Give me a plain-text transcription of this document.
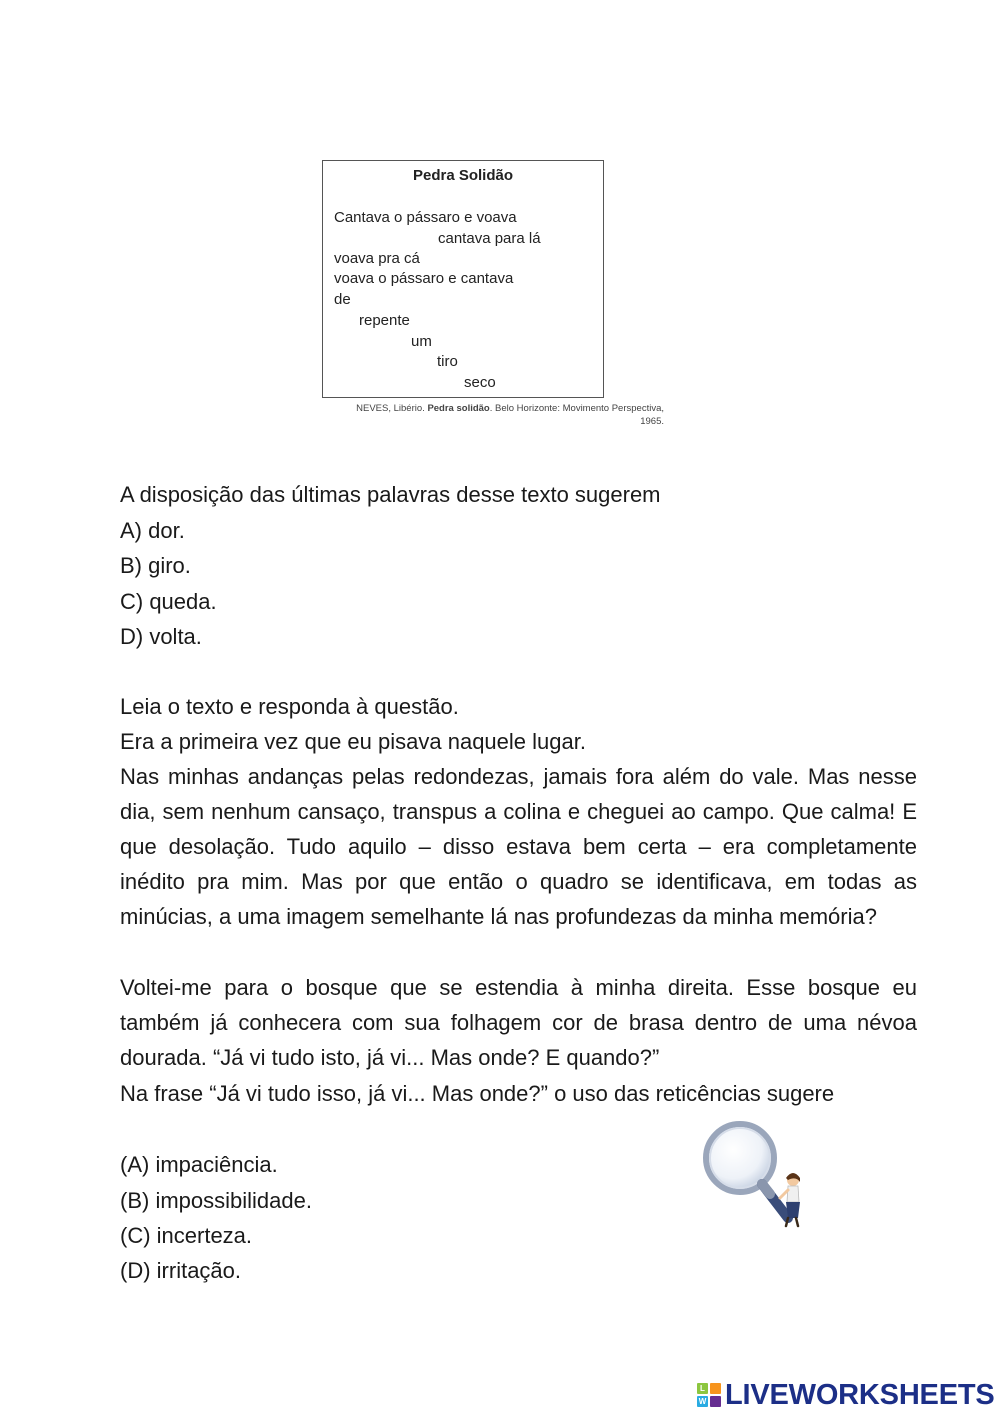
Pedra Solidão
Cantava o pássaro e voava
cantava para lá
voava pra cá
voava o pássaro e cantava
de
repente
um
tiro
seco
NEVES, Libério. Pedra solidão. Belo Horizonte: Movimento Perspectiva,
1965.
A disposição das últimas palavras desse texto sugerem
A) dor.
B) giro.
C) queda.
D) volta.
Leia o texto e responda à questão.
Era a primeira vez que eu pisava naquele lugar.
Nas minhas andanças pelas redondezas, jamais fora além do vale. Mas nesse dia, sem nenhum cansaço, transpus a colina e cheguei ao campo. Que calma! E que desolação. Tudo aquilo – disso estava bem certa – era completamente inédito pra mim. Mas por que então o quadro se identificava, em todas as minúcias, a uma imagem semelhante lá nas profundezas da minha memória?
Voltei-me para o bosque que se estendia à minha direita. Esse bosque eu também já conhecera com sua folhagem cor de brasa dentro de uma névoa dourada. “Já vi tudo isto, já vi... Mas onde? E quando?”
Na frase “Já vi tudo isso, já vi... Mas onde?” o uso das reticências sugere
(A) impaciência.
(B) impossibilidade.
(C) incerteza.
(D) irritação.
L
W LIVEWORKSHEETS
